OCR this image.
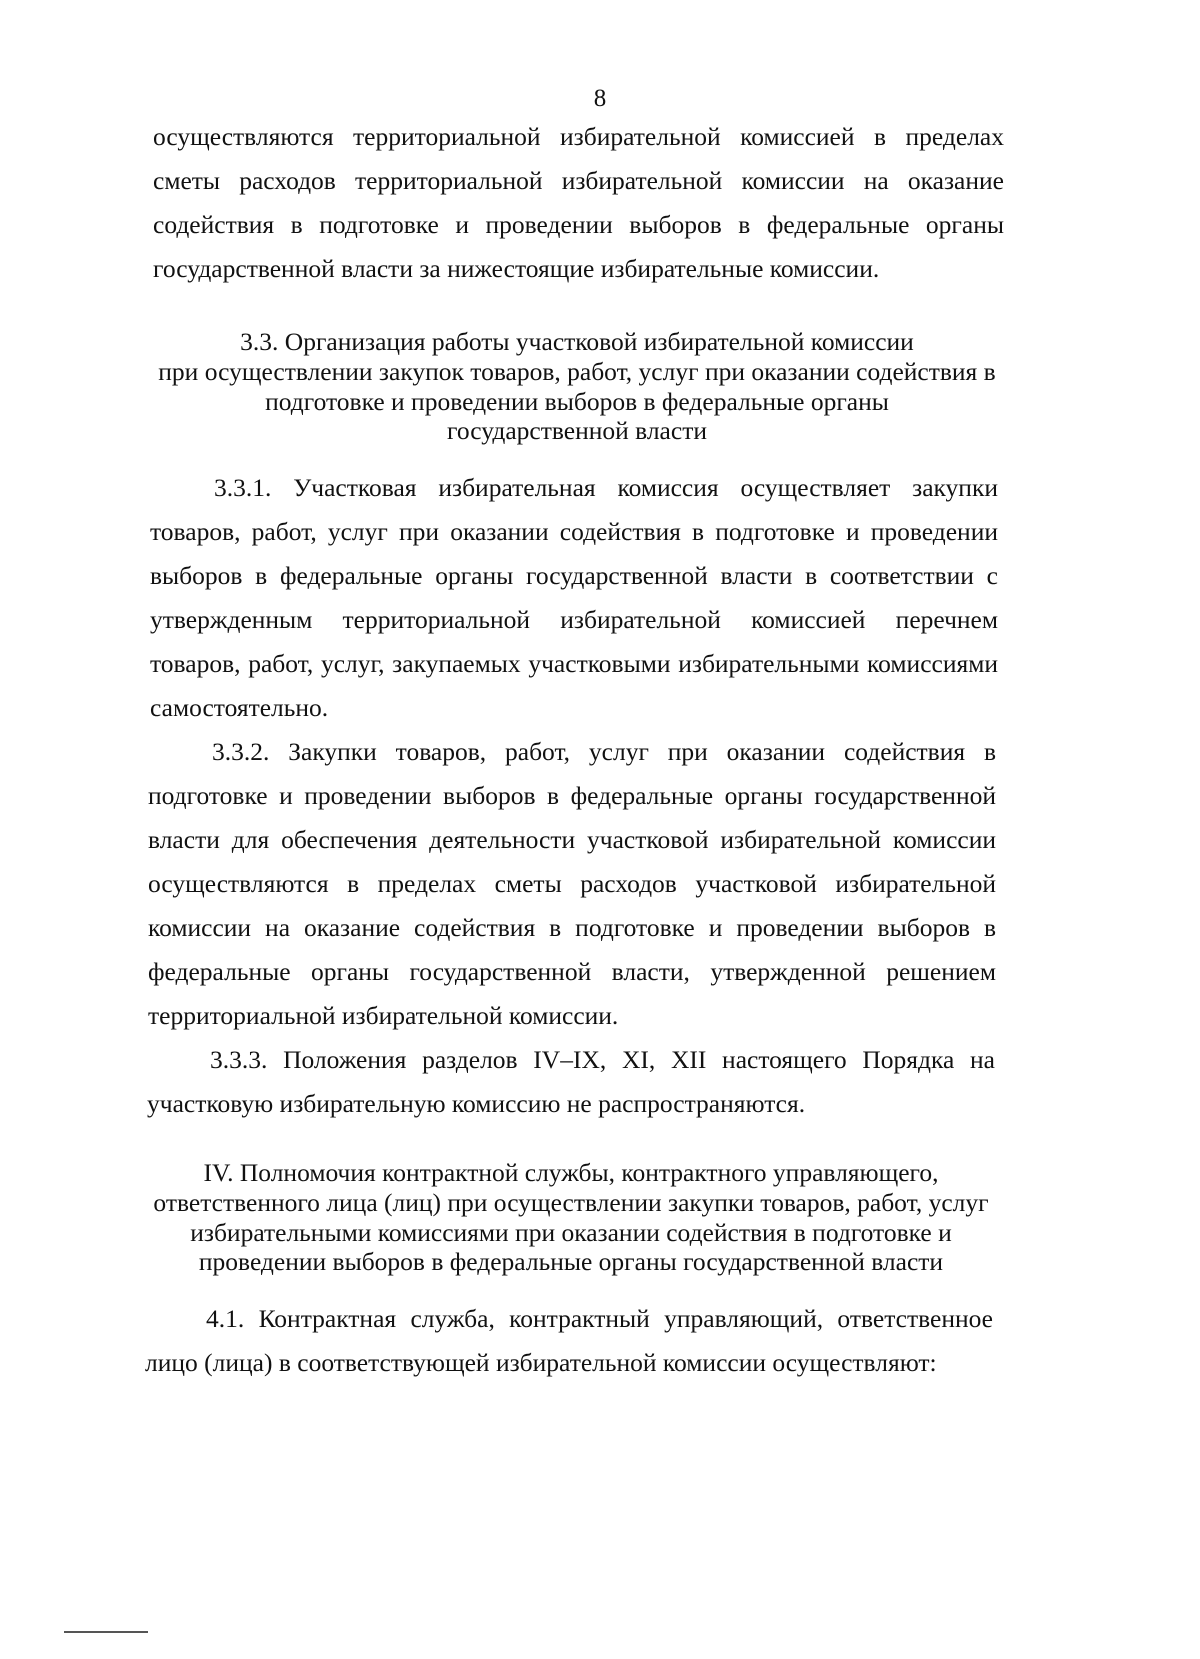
8
осуществляются территориальной избирательной комиссией в пределах
сметы расходов территориальной избирательной комиссии на оказание
содействия в подготовке и проведении выборов в федеральные органы
государственной власти за нижестоящие избирательные комиссии.
3.3. Организация работы участковой избирательной комиссии
при осуществлении закупок товаров, работ, услуг при оказании содействия в
подготовке и проведении выборов в федеральные органы
государственной власти
3.3.1. Участковая избирательная комиссия осуществляет закупки
товаров, работ, услуг при оказании содействия в подготовке и проведении
выборов в федеральные органы государственной власти в соответствии с
утвержденным территориальной избирательной комиссией перечнем
товаров, работ, услуг, закупаемых участковыми избирательными комиссиями
самостоятельно.
3.3.2. Закупки товаров, работ, услуг при оказании содействия в
подготовке и проведении выборов в федеральные органы государственной
власти для обеспечения деятельности участковой избирательной комиссии
осуществляются в пределах сметы расходов участковой избирательной
комиссии на оказание содействия в подготовке и проведении выборов в
федеральные органы государственной власти, утвержденной решением
территориальной избирательной комиссии.
3.3.3. Положения разделов IV–IX, XI, XII настоящего Порядка на
участковую избирательную комиссию не распространяются.
IV. Полномочия контрактной службы, контрактного управляющего,
ответственного лица (лиц) при осуществлении закупки товаров, работ, услуг
избирательными комиссиями при оказании содействия в подготовке и
проведении выборов в федеральные органы государственной власти
4.1. Контрактная служба, контрактный управляющий, ответственное
лицо (лица) в соответствующей избирательной комиссии осуществляют:
